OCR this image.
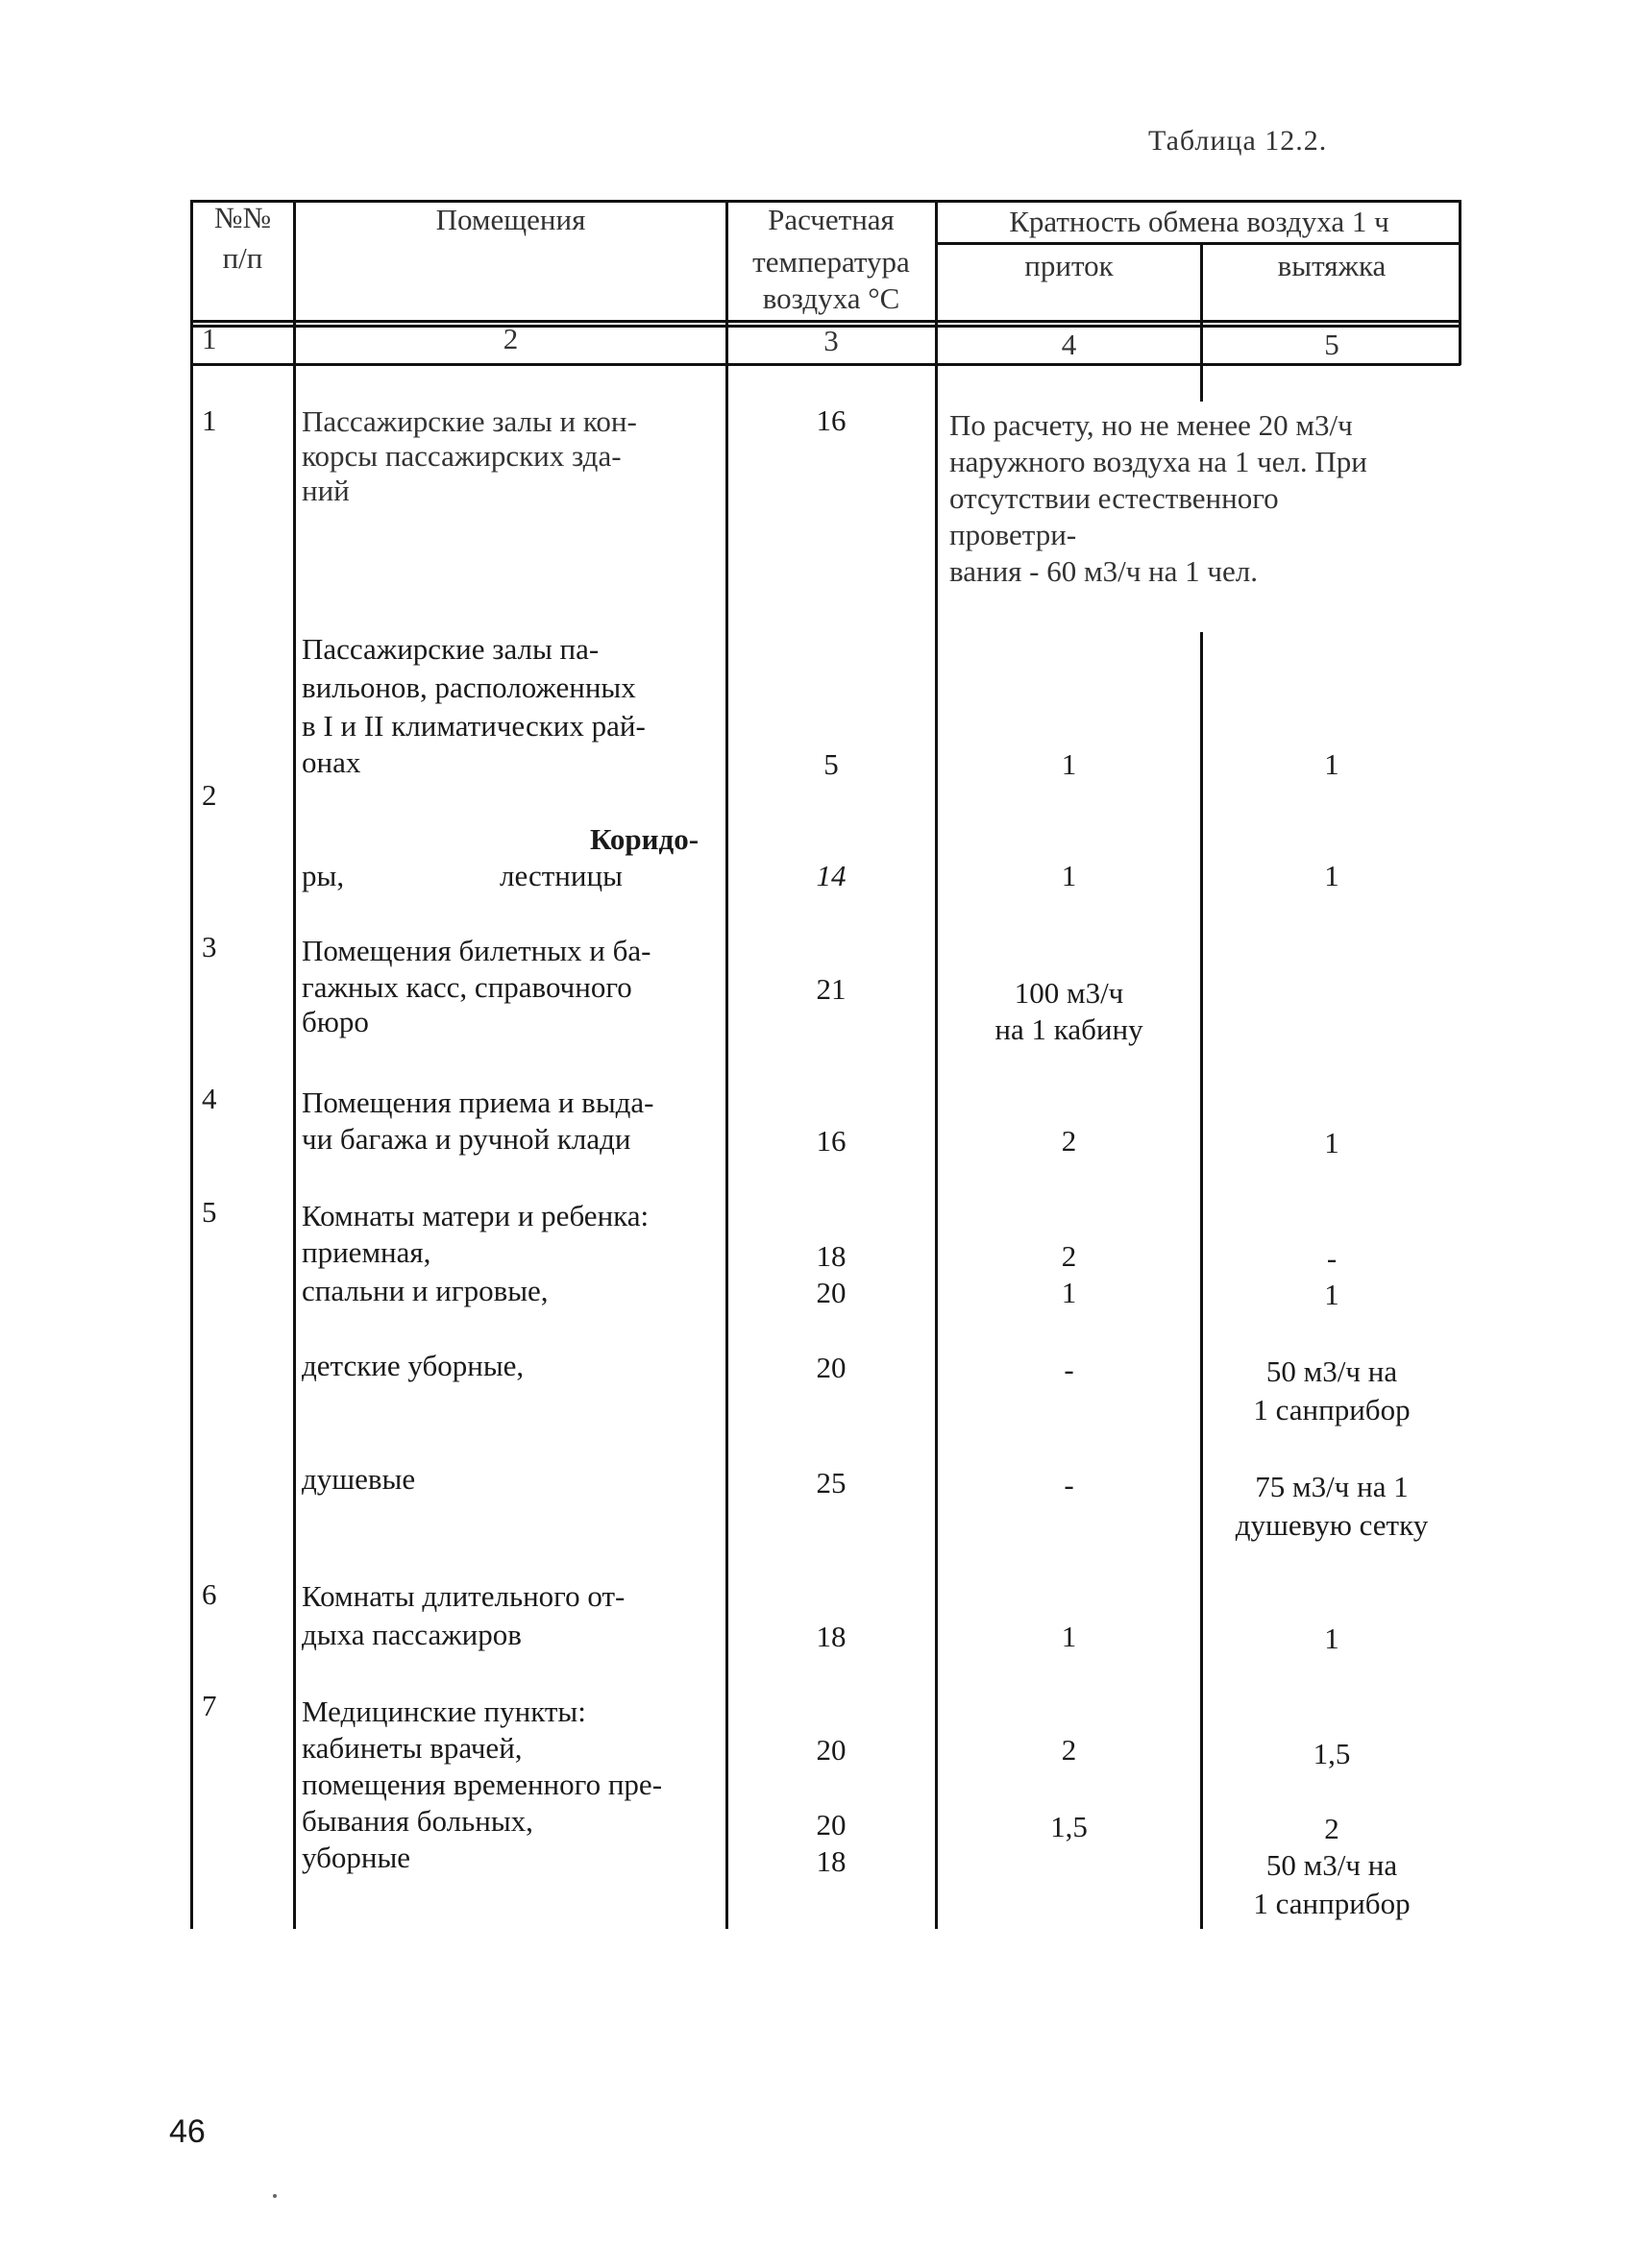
Таблица 12.2.
№№
п/п
Помещения	Расчетная
температура
воздуха °С
Кратность обмена воздуха 1 ч
приток	вытяжка
1	2	3	4	5
1	Пассажирские залы и кон-
корсы пассажирских зда-
ний
16	По расчету, но не менее 20 м3/ч
наружного воздуха на 1 чел. При
отсутствии естественного
проветри-
вания - 60 м3/ч на 1 чел.
2
Пассажирские залы па-
вильонов, расположенных
в I и II климатических рай-
онах	5	1	1
Коридо-
ры,	лестницы	14	1	1
3	Помещения билетных и ба-
гажных касс, справочного
бюро
21	100 м3/ч
на 1 кабину
4	Помещения приема и выда-
чи багажа и ручной клади	16	2	1
5	Комнаты матери и ребенка:
приемная,	18	2	-
спальни и игровые,	20	1	1
детские уборные,	20	-	50 м3/ч на
1 санприбор
душевые	25	-	75 м3/ч на 1
душевую сетку
6	Комнаты длительного от-
дыха пассажиров	18	1	1
7	Медицинские пункты:
кабинеты врачей,	20	2	1,5
помещения временного пре-
бывания больных,	20	1,5	2
уборные	18	50 м3/ч на
1 санприбор
46
